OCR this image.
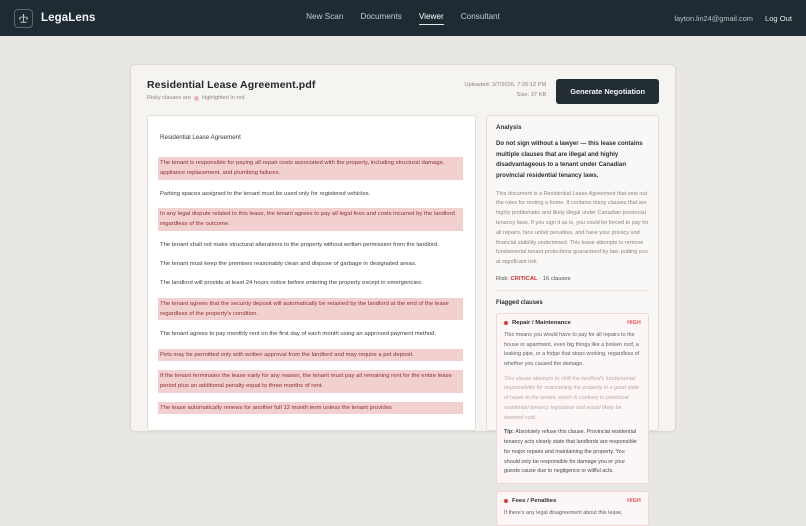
LegaLens	New Scan Documents Viewer Consultant	layton.lin24@gmail.com Log Out
Residential Lease Agreement.pdf
Risky clauses are highlighted in red.
Uploaded: 3/7/2026, 7:26:12 PM
Size: 37 KB	Generate Negotiation
Residential Lease Agreement
The tenant is responsible for paying all repair costs associated with the property, including structural damage, appliance replacement, and plumbing failures.
Parking spaces assigned to the tenant must be used only for registered vehicles.
In any legal dispute related to this lease, the tenant agrees to pay all legal fees and costs incurred by the landlord regardless of the outcome.
The tenant shall not make structural alterations to the property without written permission from the landlord.
The tenant must keep the premises reasonably clean and dispose of garbage in designated areas.
The landlord will provide at least 24 hours notice before entering the property except in emergencies.
The tenant agrees that the security deposit will automatically be retained by the landlord at the end of the lease regardless of the property's condition.
The tenant agrees to pay monthly rent on the first day of each month using an approved payment method.
Pets may be permitted only with written approval from the landlord and may require a pet deposit.
If the tenant terminates the lease early for any reason, the tenant must pay all remaining rent for the entire lease period plus an additional penalty equal to three months of rent.
The lease automatically renews for another full 12 month term unless the tenant provides
Analysis
Do not sign without a lawyer — this lease contains multiple clauses that are illegal and highly disadvantageous to a tenant under Canadian provincial residential tenancy laws.
This document is a Residential Lease Agreement that sets out the rules for renting a home. It contains many clauses that are highly problematic and likely illegal under Canadian provincial tenancy laws. If you sign it as is, you could be forced to pay for all repairs, face unfair penalties, and have your privacy and financial stability undermined. This lease attempts to remove fundamental tenant protections guaranteed by law, putting you at significant risk.
Risk: CRITICAL · 16 clauses
Flagged clauses
Repair / Maintenance	HIGH
This means you would have to pay for all repairs to the house or apartment, even big things like a broken roof, a leaking pipe, or a fridge that stops working, regardless of whether you caused the damage.
This clause attempts to shift the landlord's fundamental responsibility for maintaining the property in a good state of repair to the tenant, which is contrary to provincial residential tenancy legislation and would likely be deemed void.
Tip: Absolutely refuse this clause. Provincial residential tenancy acts clearly state that landlords are responsible for major repairs and maintaining the property. You should only be responsible for damage you or your guests cause due to negligence or willful acts.
Fees / Penalties	HIGH
If there's any legal disagreement about this lease,
